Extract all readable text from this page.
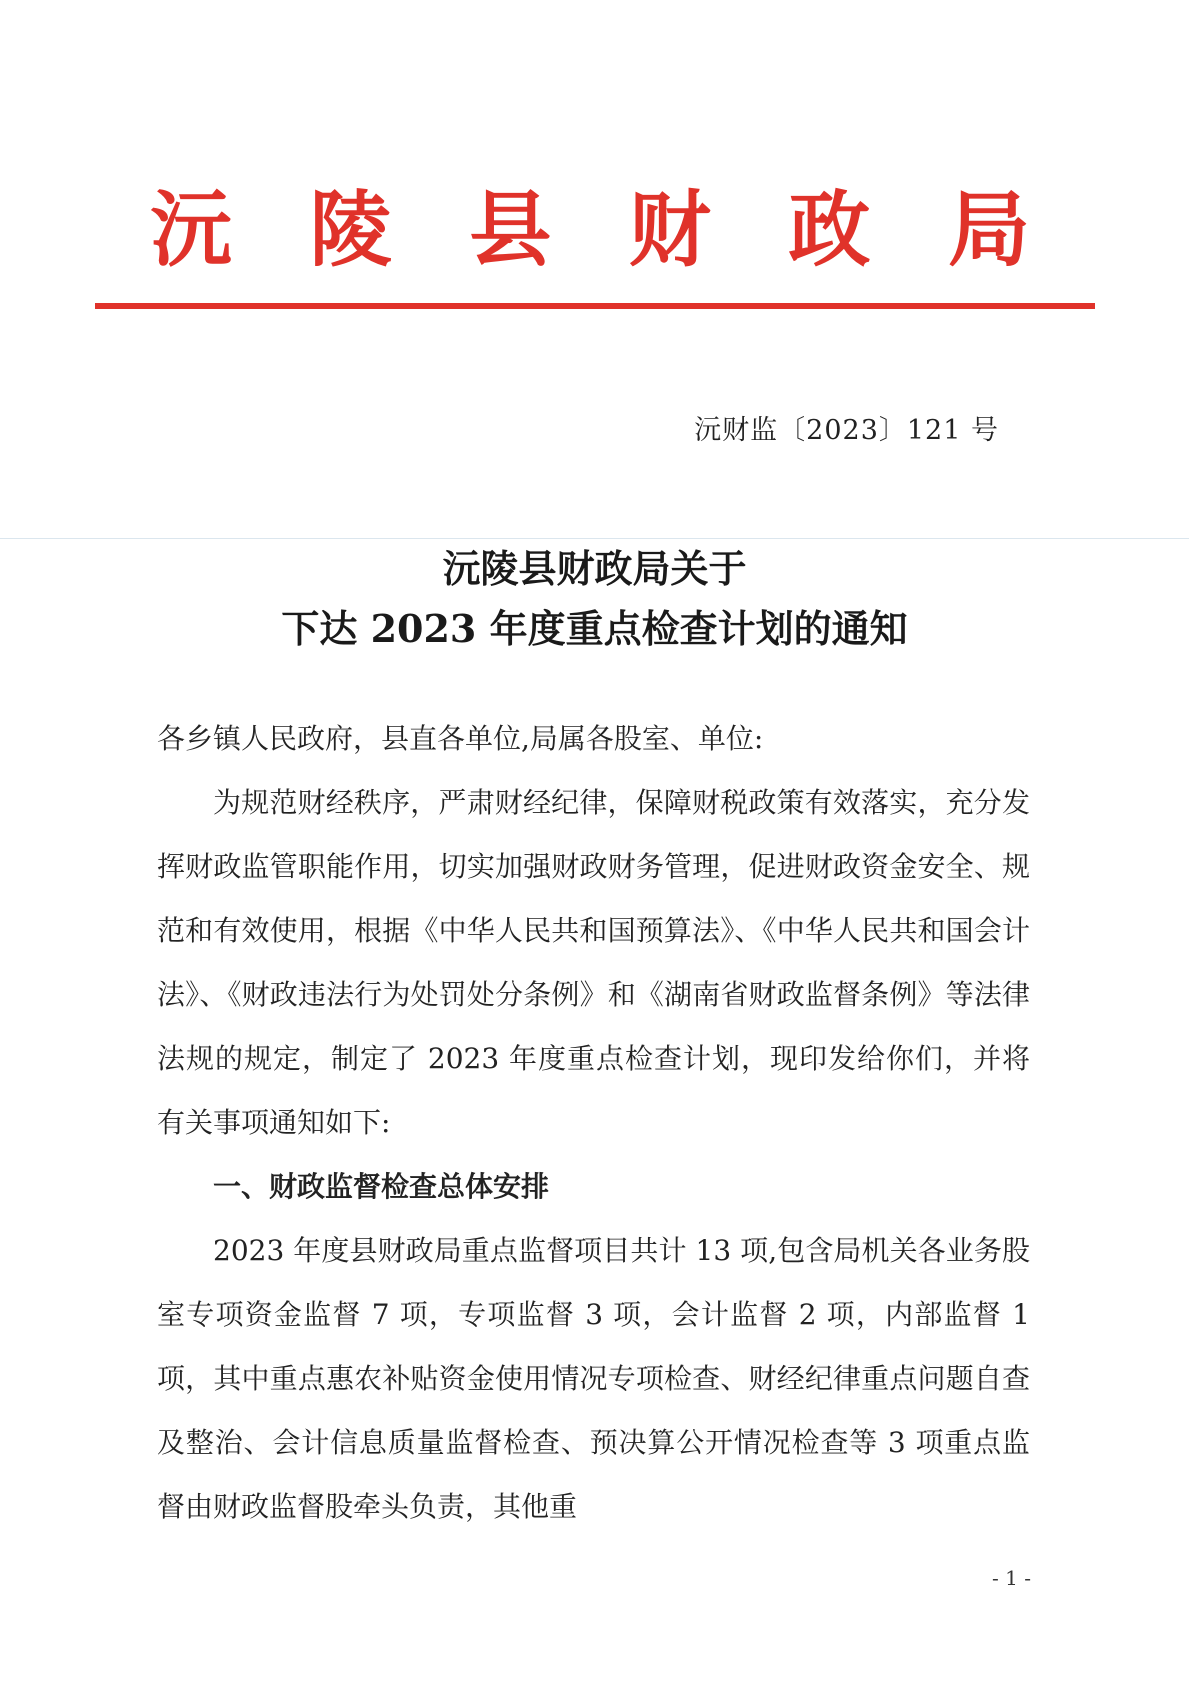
沅 陵 县 财 政 局
沅财监〔2023〕121 号
沅陵县财政局关于
下达 2023 年度重点检查计划的通知
各乡镇人民政府，县直各单位,局属各股室、单位:

为规范财经秩序，严肃财经纪律，保障财税政策有效落实，充分发挥财政监管职能作用，切实加强财政财务管理，促进财政资金安全、规范和有效使用，根据《中华人民共和国预算法》、《中华人民共和国会计法》、《财政违法行为处罚处分条例》和《湖南省财政监督条例》等法律法规的规定，制定了 2023 年度重点检查计划，现印发给你们，并将有关事项通知如下:

一、财政监督检查总体安排

2023 年度县财政局重点监督项目共计 13 项,包含局机关各业务股室专项资金监督 7 项，专项监督 3 项，会计监督 2 项，内部监督 1 项，其中重点惠农补贴资金使用情况专项检查、财经纪律重点问题自查及整治、会计信息质量监督检查、预决算公开情况检查等 3 项重点监督由财政监督股牵头负责，其他重

- 1 -
